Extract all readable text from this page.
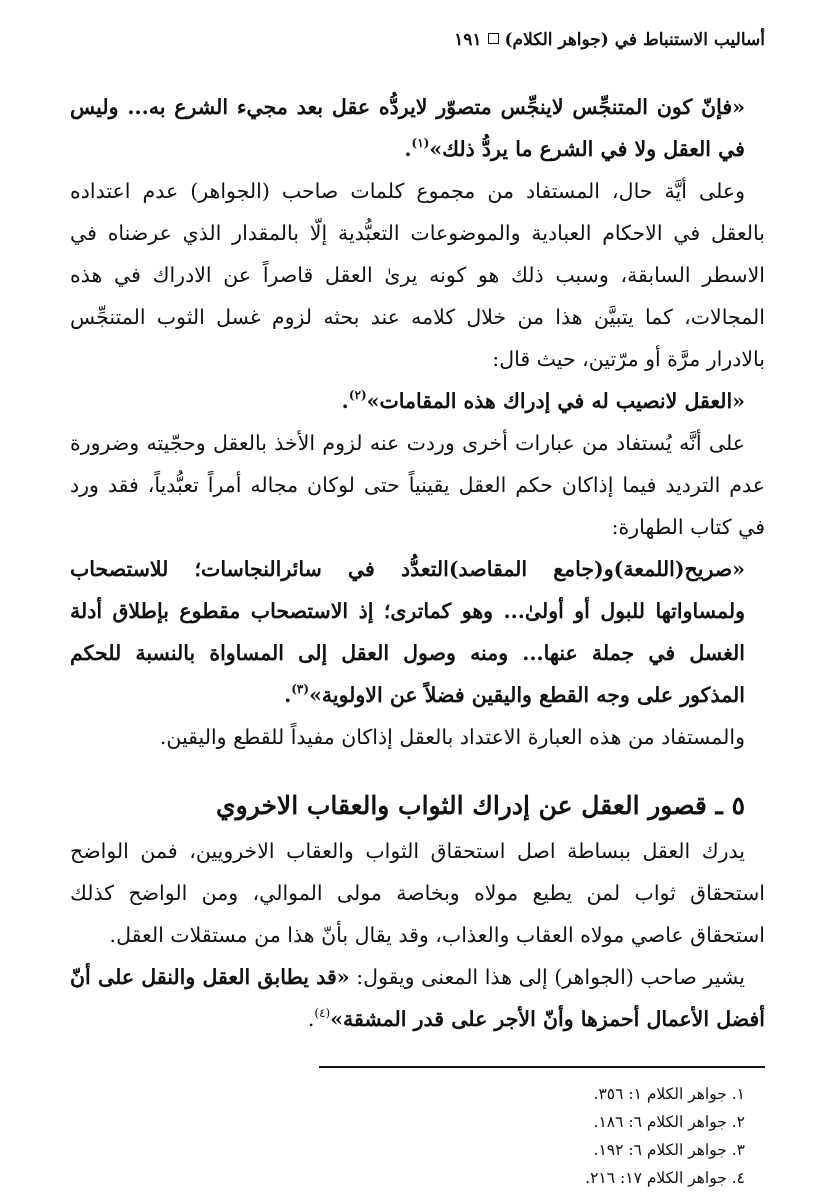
أساليب الاستنباط في (جواهر الكلام)١٩١

«فإنّ كون المتنجِّس لاينجِّس متصوّر لايردُّه عقل بعد مجيء الشرع به... وليس في العقل ولا في الشرع ما يردُّ ذلك»$^{(١)}$.

وعلى أيَّة حال، المستفاد من مجموع كلمات صاحب (الجواهر) عدم اعتداده بالعقل في الاحكام العبادية والموضوعات التعبُّدية إلّا بالمقدار الذي عرضناه في الاسطر السابقة، وسبب ذلك هو كونه يرىٰ العقل قاصراً عن الادراك في هذه المجالات، كما يتبيَّن هذا من خلال كلامه عند بحثه لزوم غسل الثوب المتنجِّس بالادرار مرَّة أو مرّتين، حيث قال:

«العقل لانصيب له في إدراك هذه المقامات»$^{(٢)}$.

على أنَّه يُستفاد من عبارات أخرى وردت عنه لزوم الأخذ بالعقل وحجّيته وضرورة عدم الترديد فيما إذاكان حكم العقل يقينياً حتى لوكان مجاله أمراً تعبُّدياً، فقد ورد في كتاب الطهارة:

«صريح(اللمعة)و(جامع المقاصد)التعدُّد في سائرالنجاسات؛ للاستصحاب ولمساواتها للبول أو أولىٰ... وهو كماترى؛ إذ الاستصحاب مقطوع بإطلاق أدلة الغسل في جملة عنها... ومنه وصول العقل إلى المساواة بالنسبة للحكم المذكور على وجه القطع واليقين فضلاً عن الاولوية»$^{(٣)}$.

والمستفاد من هذه العبارة الاعتداد بالعقل إذاكان مفيداً للقطع واليقين.

٥ ـ قصور العقل عن إدراك الثواب والعقاب الاخروي

يدرك العقل ببساطة اصل استحقاق الثواب والعقاب الاخرويين، فمن الواضح استحقاق ثواب لمن يطيع مولاه وبخاصة مولى الموالي، ومن الواضح كذلك استحقاق عاصي مولاه العقاب والعذاب، وقد يقال بأنّ هذا من مستقلات العقل.

يشير صاحب (الجواهر) إلى هذا المعنى ويقول: «قد يطابق العقل والنقل على أنّ أفضل الأعمال أحمزها وأنّ الأجر على قدر المشقة»$^{(٤)}$.

١. جواهر الكلام ١: ٣٥٦.
٢. جواهر الكلام ٦: ١٨٦.
٣. جواهر الكلام ٦: ١٩٢.
٤. جواهر الكلام ١٧: ٢١٦.
